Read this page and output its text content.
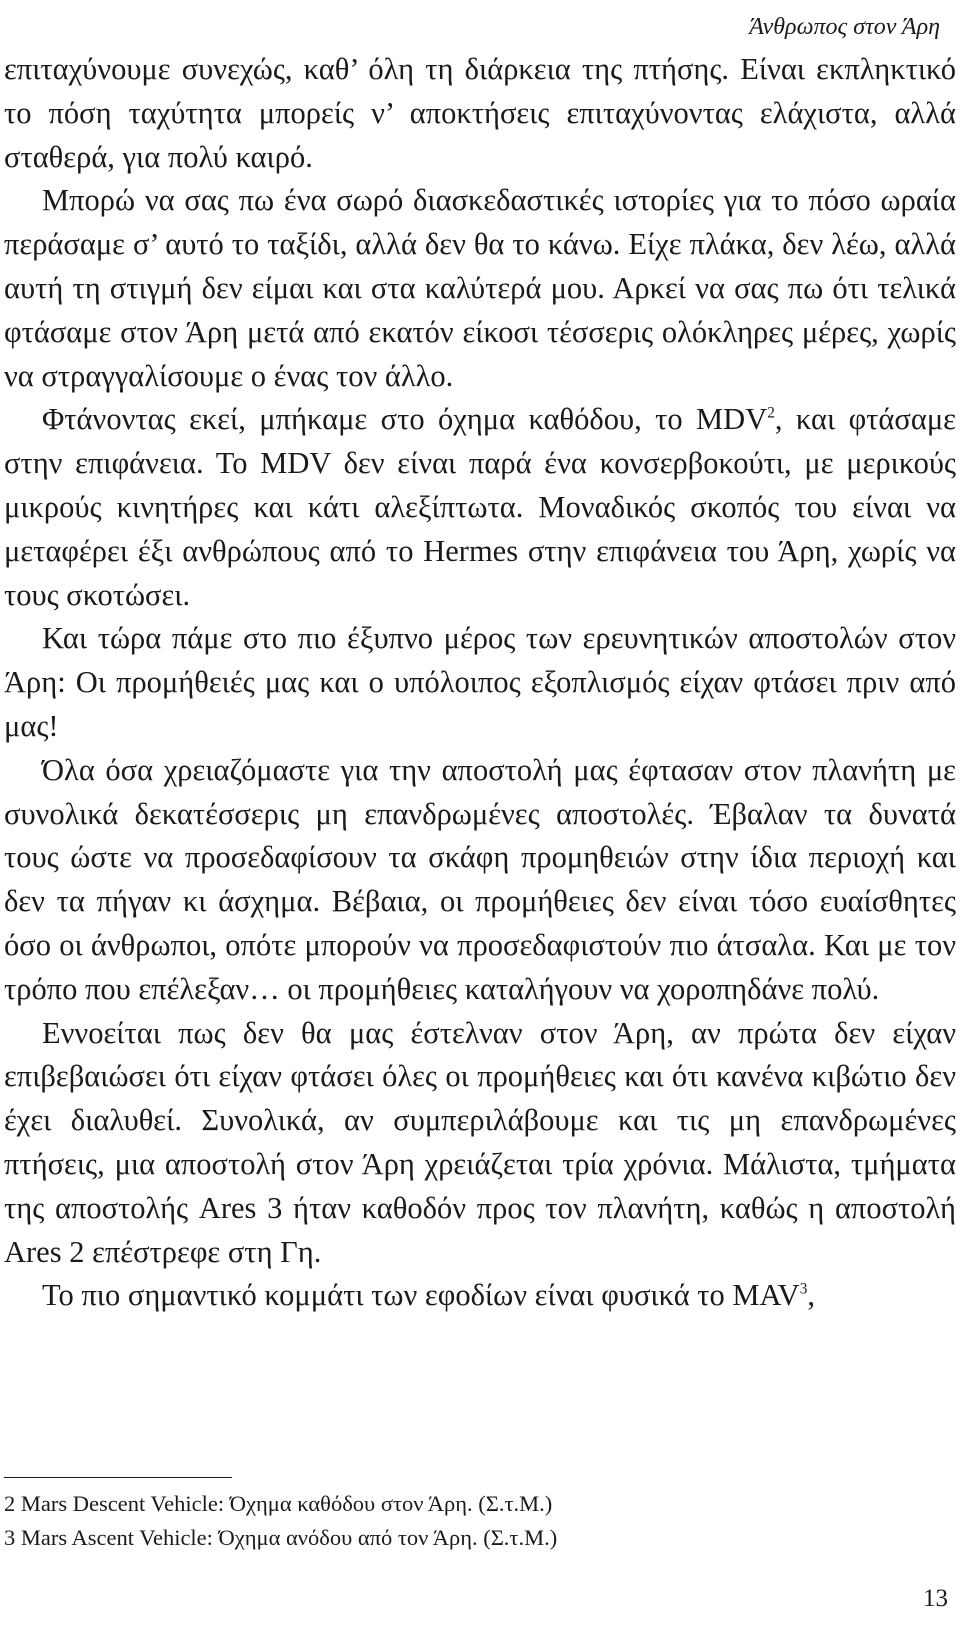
Άνθρωπος στον Άρη

επιταχύνουμε συνεχώς, καθ’ όλη τη διάρκεια της πτήσης. Είναι εκπληκτικό το πόση ταχύτητα μπορείς ν’ αποκτήσεις επιταχύνοντας ελάχιστα, αλλά σταθερά, για πολύ καιρό.

Μπορώ να σας πω ένα σωρό διασκεδαστικές ιστορίες για το πόσο ωραία περάσαμε σ’ αυτό το ταξίδι, αλλά δεν θα το κάνω. Είχε πλάκα, δεν λέω, αλλά αυτή τη στιγμή δεν είμαι και στα καλύτερά μου. Αρκεί να σας πω ότι τελικά φτάσαμε στον Άρη μετά από εκατόν είκοσι τέσσερις ολόκληρες μέρες, χωρίς να στραγγαλίσουμε ο ένας τον άλλο.

Φτάνοντας εκεί, μπήκαμε στο όχημα καθόδου, το MDV$^2$, και φτάσαμε στην επιφάνεια. Το MDV δεν είναι παρά ένα κονσερβοκούτι, με μερικούς μικρούς κινητήρες και κάτι αλεξίπτωτα. Μοναδικός σκοπός του είναι να μεταφέρει έξι ανθρώπους από το Hermes στην επιφάνεια του Άρη, χωρίς να τους σκοτώσει.

Και τώρα πάμε στο πιο έξυπνο μέρος των ερευνητικών αποστολών στον Άρη: Οι προμήθειές μας και ο υπόλοιπος εξοπλισμός είχαν φτάσει πριν από μας!

Όλα όσα χρειαζόμαστε για την αποστολή μας έφτασαν στον πλανήτη με συνολικά δεκατέσσερις μη επανδρωμένες αποστολές. Έβαλαν τα δυνατά τους ώστε να προσεδαφίσουν τα σκάφη προμηθειών στην ίδια περιοχή και δεν τα πήγαν κι άσχημα. Βέβαια, οι προμήθειες δεν είναι τόσο ευαίσθητες όσο οι άνθρωποι, οπότε μπορούν να προσεδαφιστούν πιο άτσαλα. Και με τον τρόπο που επέλεξαν… οι προμήθειες καταλήγουν να χοροπηδάνε πολύ.

Εννοείται πως δεν θα μας έστελναν στον Άρη, αν πρώτα δεν είχαν επιβεβαιώσει ότι είχαν φτάσει όλες οι προμήθειες και ότι κανένα κιβώτιο δεν έχει διαλυθεί. Συνολικά, αν συμπεριλάβουμε και τις μη επανδρωμένες πτήσεις, μια αποστολή στον Άρη χρειάζεται τρία χρόνια. Μάλιστα, τμήματα της αποστολής Ares 3 ήταν καθοδόν προς τον πλανήτη, καθώς η αποστολή Ares 2 επέστρεφε στη Γη.

Το πιο σημαντικό κομμάτι των εφοδίων είναι φυσικά το MAV$^3$,

2 Mars Descent Vehicle: Όχημα καθόδου στον Άρη. (Σ.τ.Μ.)
3 Mars Ascent Vehicle: Όχημα ανόδου από τον Άρη. (Σ.τ.Μ.)
13
